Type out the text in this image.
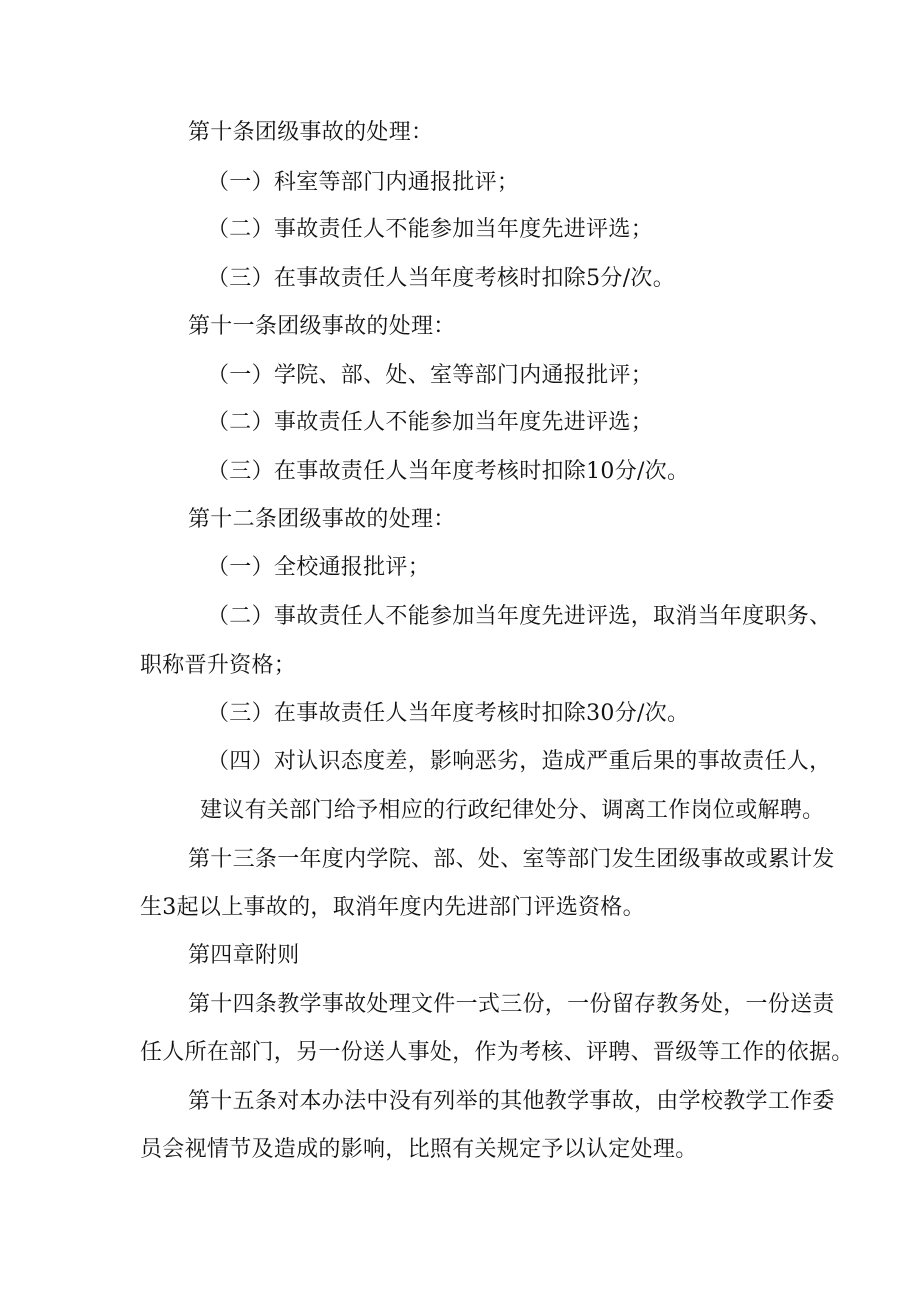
第十条团级事故的处理：
（一）科室等部门内通报批评；
（二）事故责任人不能参加当年度先进评选；
（三）在事故责任人当年度考核时扣除5分/次。
第十一条团级事故的处理：
（一）学院、部、处、室等部门内通报批评；
（二）事故责任人不能参加当年度先进评选；
（三）在事故责任人当年度考核时扣除10分/次。
第十二条团级事故的处理：
（一）全校通报批评；
（二）事故责任人不能参加当年度先进评选，取消当年度职务、
职称晋升资格；
（三）在事故责任人当年度考核时扣除30分/次。
（四）对认识态度差，影响恶劣，造成严重后果的事故责任人，
建议有关部门给予相应的行政纪律处分、调离工作岗位或解聘。
第十三条一年度内学院、部、处、室等部门发生团级事故或累计发
生3起以上事故的，取消年度内先进部门评选资格。
第四章附则
第十四条教学事故处理文件一式三份，一份留存教务处，一份送责
任人所在部门，另一份送人事处，作为考核、评聘、晋级等工作的依据。
第十五条对本办法中没有列举的其他教学事故，由学校教学工作委
员会视情节及造成的影响，比照有关规定予以认定处理。
